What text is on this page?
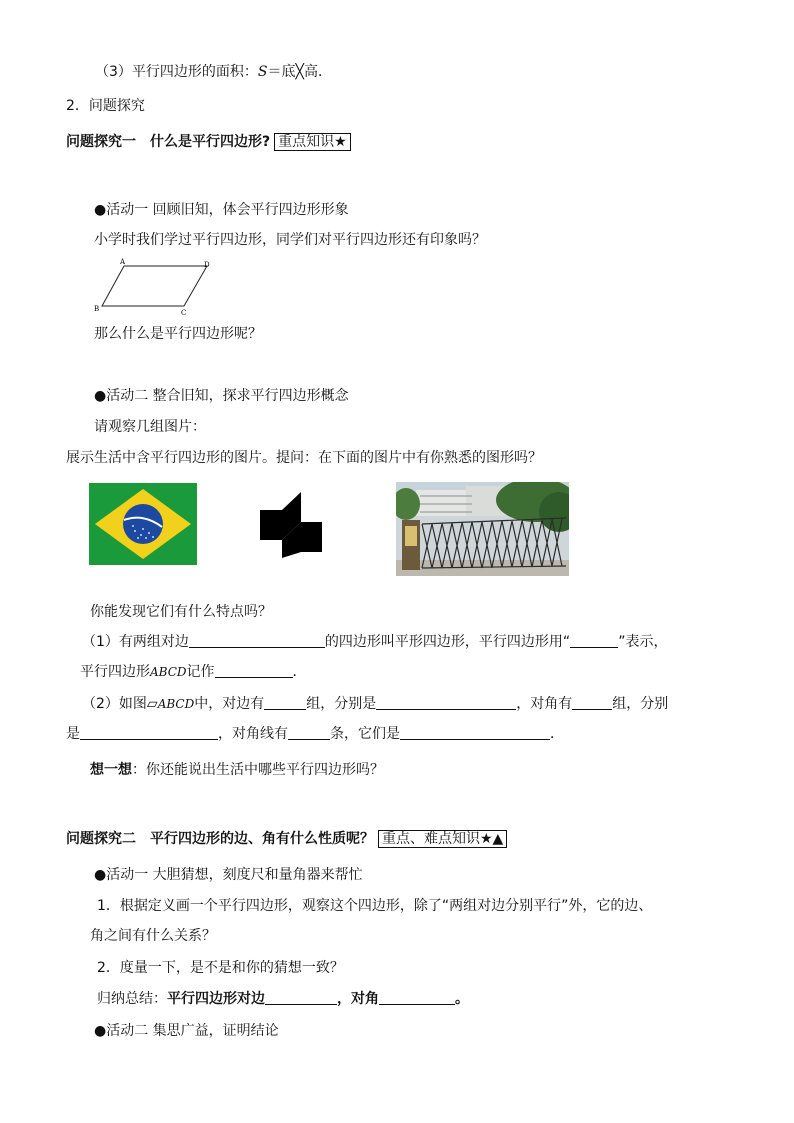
（3）平行四边形的面积：S＝底╳高．
2．问题探究
问题探究一　什么是平行四边形? 重点知识★
●活动一 回顾旧知，体会平行四边形形象
小学时我们学过平行四边形，同学们对平行四边形还有印象吗？
A	D
B	C
那么什么是平行四边形呢？
●活动二 整合旧知，探求平行四边形概念
请观察几组图片：
展示生活中含平行四边形的图片。提问：在下面的图片中有你熟悉的图形吗？
你能发现它们有什么特点吗？
（1）有两组对边	的四边形叫平形四边形，平行四边形用“	”表示，
平行四边形ABCD记作	．
（2）如图▱ABCD中，对边有	组，分别是	，对角有	组，分别
是	，对角线有	条，它们是	．
想一想：你还能说出生活中哪些平行四边形吗？
问题探究二　平行四边形的边、角有什么性质呢？ 重点、难点知识★▲
●活动一 大胆猜想，刻度尺和量角器来帮忙
1．根据定义画一个平行四边形，观察这个四边形，除了“两组对边分别平行”外，它的边、
角之间有什么关系？
2．度量一下，是不是和你的猜想一致？
归纳总结：平行四边形对边	，对角	。
●活动二 集思广益，证明结论
